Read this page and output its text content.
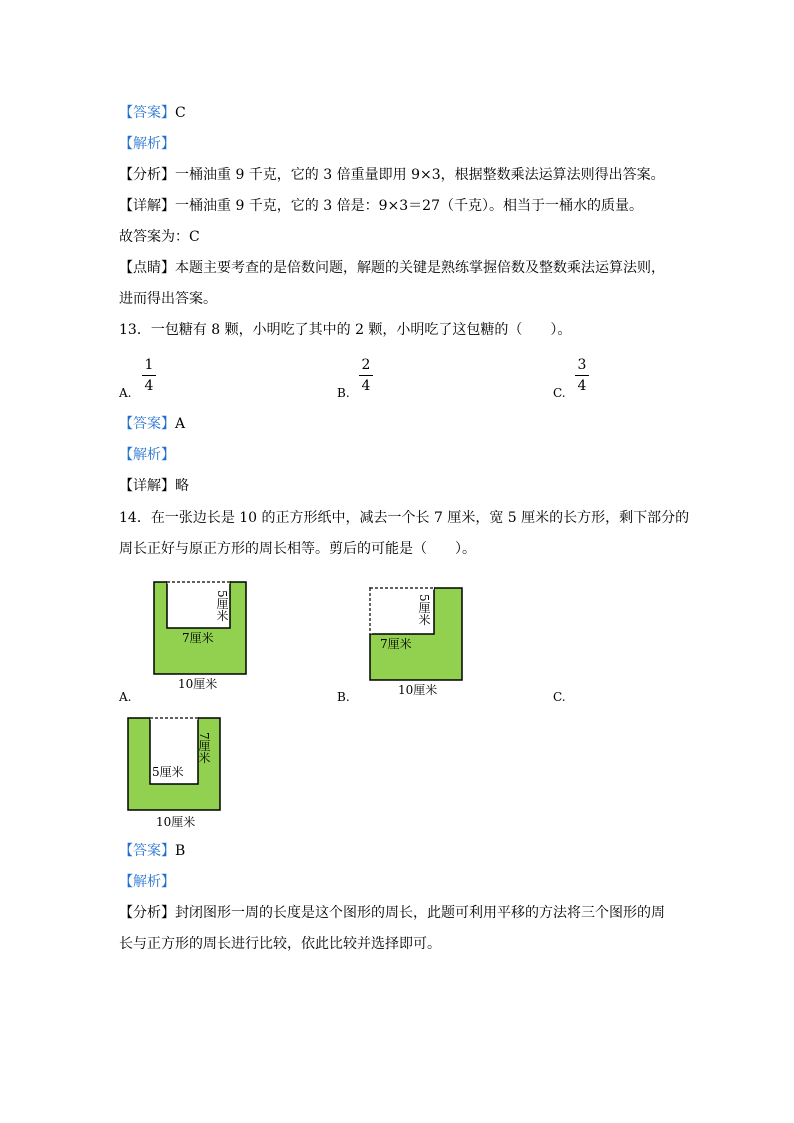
【答案】C
【解析】
【分析】一桶油重 9 千克，它的 3 倍重量即用 9×3，根据整数乘法运算法则得出答案。
【详解】一桶油重 9 千克，它的 3 倍是：9×3＝27（千克）。相当于一桶水的质量。
故答案为：C
【点睛】本题主要考查的是倍数问题，解题的关键是熟练掌握倍数及整数乘法运算法则，
进而得出答案。
13．一包糖有 8 颗，小明吃了其中的 2 颗，小明吃了这包糖的（　　）。
A.
1
4	B.
2
4	C.
3
4
【答案】A
【解析】
【详解】略
14．在一张边长是 10 的正方形纸中，减去一个长 7 厘米，宽 5 厘米的长方形，剩下部分的
周长正好与原正方形的周长相等。剪后的可能是（　　）。
5厘米
7厘米
10厘米
A.
5厘米
7厘米
10厘米
B.	C.
7厘米
5厘米
10厘米
【答案】B
【解析】
【分析】封闭图形一周的长度是这个图形的周长，此题可利用平移的方法将三个图形的周
长与正方形的周长进行比较，依此比较并选择即可。
